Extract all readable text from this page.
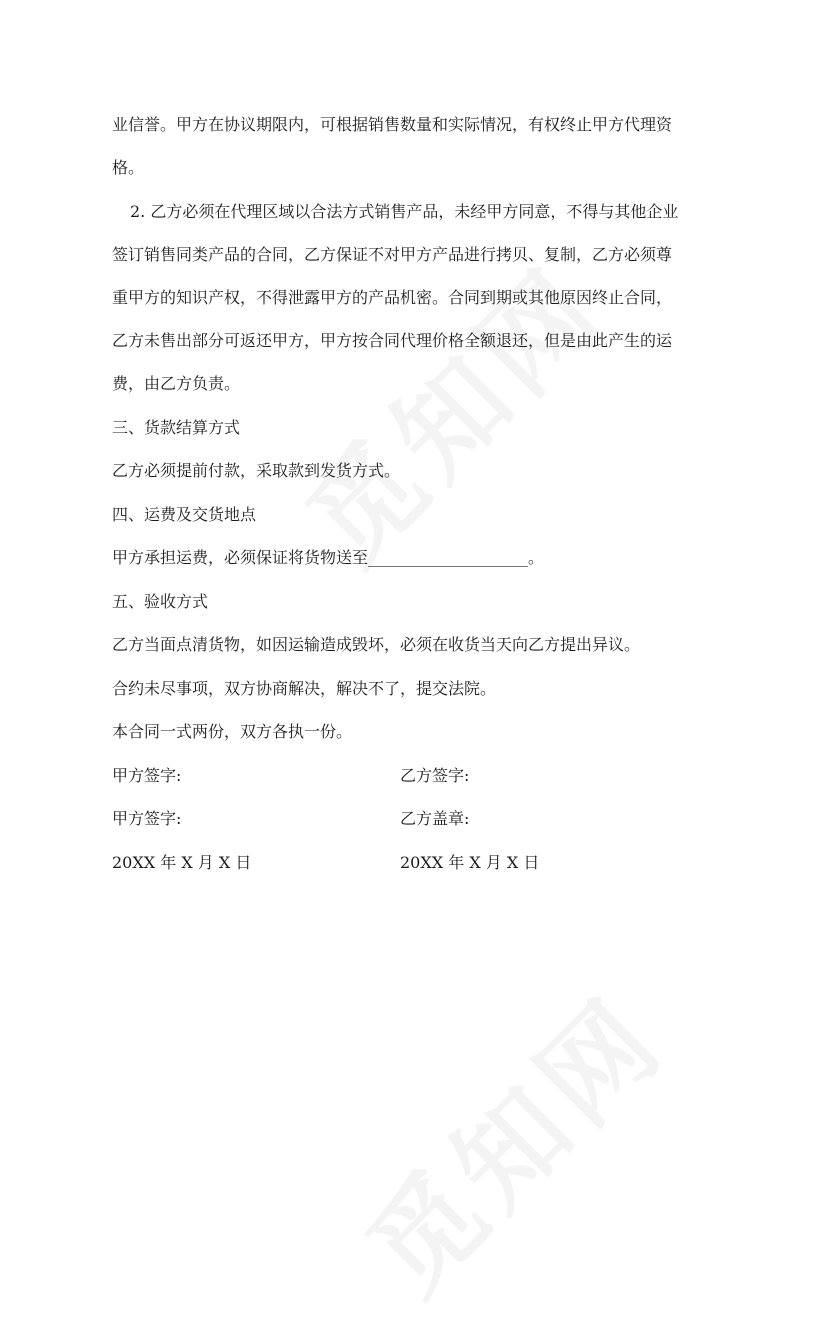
业信誉。甲方在协议期限内，可根据销售数量和实际情况，有权终止甲方代理资
格。
2. 乙方必须在代理区域以合法方式销售产品，未经甲方同意，不得与其他企业
签订销售同类产品的合同，乙方保证不对甲方产品进行拷贝、复制，乙方必须尊
重甲方的知识产权，不得泄露甲方的产品机密。合同到期或其他原因终止合同，
乙方未售出部分可返还甲方，甲方按合同代理价格全额退还，但是由此产生的运
费，由乙方负责。
三、货款结算方式
乙方必须提前付款，采取款到发货方式。
四、运费及交货地点
甲方承担运费，必须保证将货物送至____________________。
五、验收方式
乙方当面点清货物，如因运输造成毁坏，必须在收货当天向乙方提出异议。
合约未尽事项，双方协商解决，解决不了，提交法院。
本合同一式两份，双方各执一份。
甲方签字:	乙方签字:
甲方签字:	乙方盖章:
20XX 年 X 月 X 日	20XX 年 X 月 X 日
